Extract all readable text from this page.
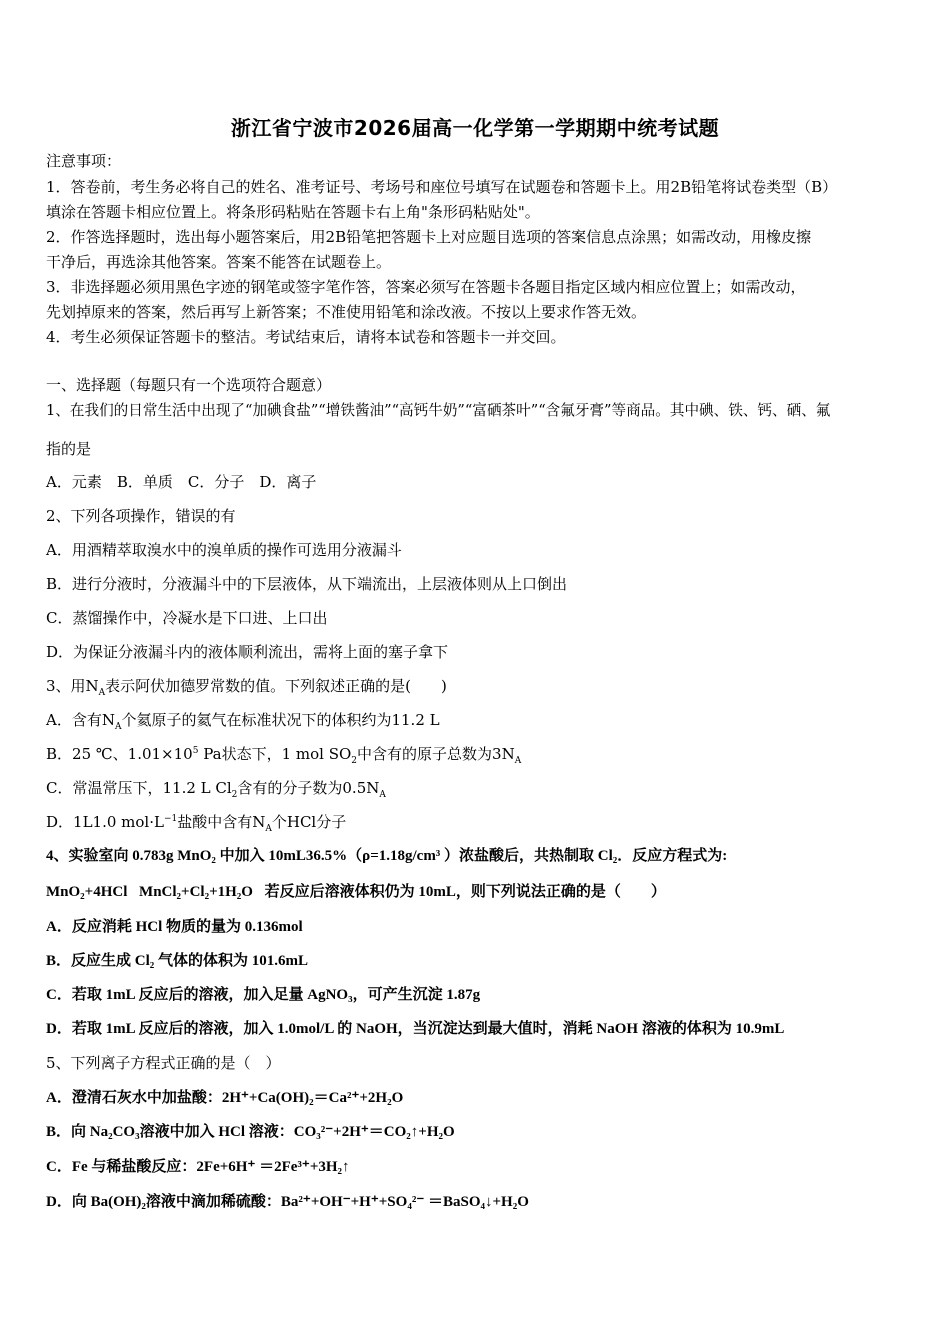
浙江省宁波市2026届高一化学第一学期期中统考试题
注意事项：
1．答卷前，考生务必将自己的姓名、准考证号、考场号和座位号填写在试题卷和答题卡上。用2B铅笔将试卷类型（B）
填涂在答题卡相应位置上。将条形码粘贴在答题卡右上角"条形码粘贴处"。
2．作答选择题时，选出每小题答案后，用2B铅笔把答题卡上对应题目选项的答案信息点涂黑；如需改动，用橡皮擦
干净后，再选涂其他答案。答案不能答在试题卷上。
3．非选择题必须用黑色字迹的钢笔或签字笔作答，答案必须写在答题卡各题目指定区域内相应位置上；如需改动，
先划掉原来的答案，然后再写上新答案；不准使用铅笔和涂改液。不按以上要求作答无效。
4．考生必须保证答题卡的整洁。考试结束后，请将本试卷和答题卡一并交回。
一、选择题（每题只有一个选项符合题意）
1、在我们的日常生活中出现了“加碘食盐”“增铁酱油”“高钙牛奶”“富硒茶叶”“含氟牙膏”等商品。其中碘、铁、钙、硒、氟
指的是
A．元素　B．单质　C．分子　D．离子
2、下列各项操作，错误的有
A．用酒精萃取溴水中的溴单质的操作可选用分液漏斗
B．进行分液时，分液漏斗中的下层液体，从下端流出，上层液体则从上口倒出
C．蒸馏操作中，冷凝水是下口进、上口出
D．为保证分液漏斗内的液体顺利流出，需将上面的塞子拿下
3、用$N_A$表示阿伏加德罗常数的值。下列叙述正确的是(　　)
A．含有$N_A$个氦原子的氦气在标准状况下的体积约为11.2 L
B．25 ℃、$1.01\times 10^5$ Pa状态下，1 mol $SO_2$中含有的原子总数为$3N_A$
C．常温常压下，11.2 L $Cl_2$含有的分子数为$0.5N_A$
D．1L1.0 $mol\cdot L^{-1}$盐酸中含有$N_A$个HCl分子
4、实验室向 0.783g MnO₂ 中加入 10mL36.5%（ρ=1.18g/cm³ ）浓盐酸后，共热制取 Cl₂．反应方程式为:
MnO₂+4HCl MnCl₂+Cl₂+1H₂O，若反应后溶液体积仍为 10mL，则下列说法正确的是（　　）
A．反应消耗 HCl 物质的量为 0.136mol
B．反应生成 Cl₂ 气体的体积为 101.6mL
C．若取 1mL 反应后的溶液，加入足量 AgNO₃，可产生沉淀 1.87g
D．若取 1mL 反应后的溶液，加入 1.0mol/L 的 NaOH，当沉淀达到最大值时，消耗 NaOH 溶液的体积为 10.9mL
5、下列离子方程式正确的是（　）
A．澄清石灰水中加盐酸：2H⁺+Ca(OH)₂＝Ca²⁺+2H₂O
B．向 Na₂CO₃溶液中加入 HCl 溶液：CO₃²⁻+2H⁺＝CO₂↑+H₂O
C．Fe 与稀盐酸反应：2Fe+6H⁺ ＝2Fe³⁺+3H₂↑
D．向 Ba(OH)₂溶液中滴加稀硫酸：Ba²⁺+OH⁻+H⁺+SO₄²⁻ ＝BaSO₄↓+H₂O
